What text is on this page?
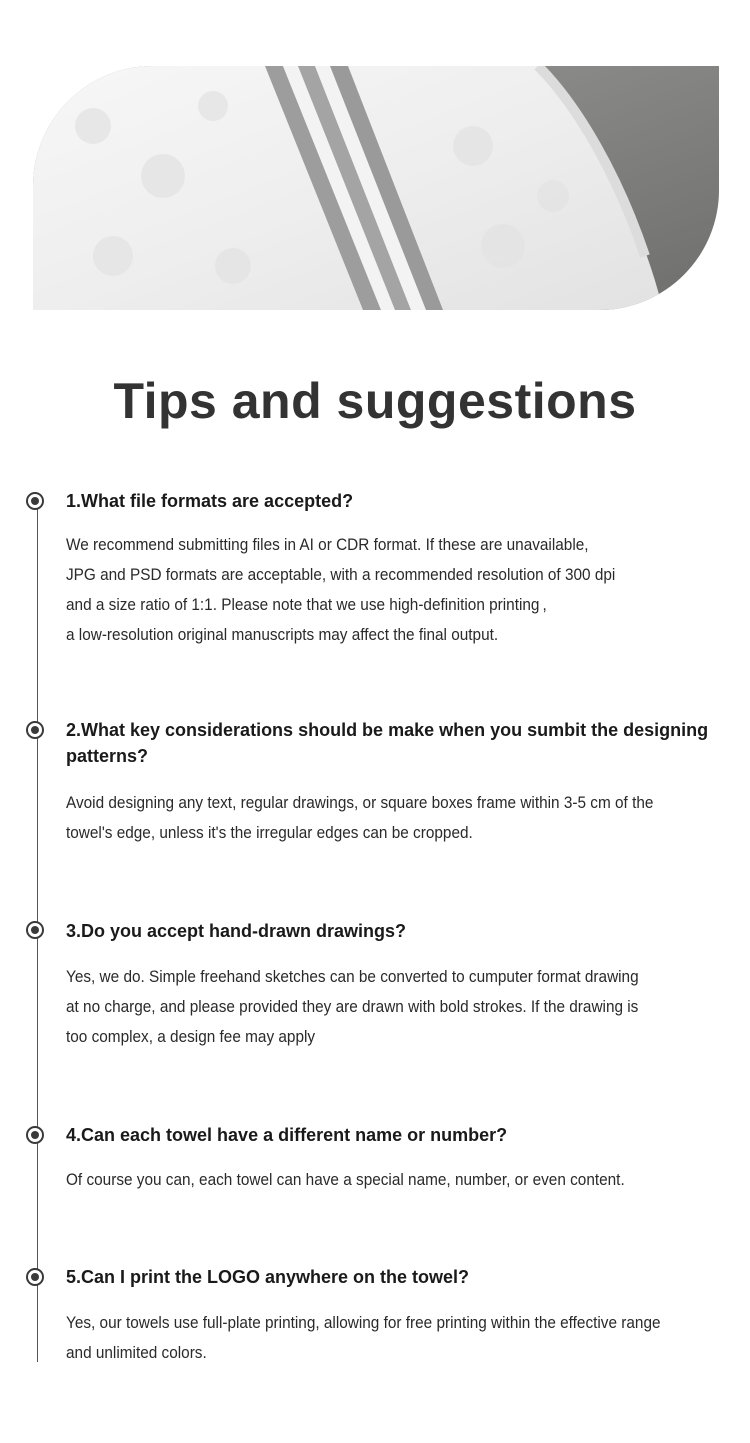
Tips and suggestions

1.What file formats are accepted?

We recommend submitting files in AI or CDR format. If these are unavailable,
JPG and PSD formats are acceptable, with a recommended resolution of 300 dpi
and a size ratio of 1:1. Please note that we use high-definition printing ,
a low-resolution original manuscripts may affect the final output.

2.What key considerations should be make when you sumbit the designing patterns?

Avoid designing any text, regular drawings, or square boxes frame within 3-5 cm of the
towel's edge, unless it's the irregular edges can be cropped.

3.Do you accept hand-drawn drawings?

Yes, we do. Simple freehand sketches can be converted to cumputer format drawing
at no charge, and please provided they are drawn with bold strokes. If the drawing is
too complex, a design fee may apply

4.Can each towel have a different name or number?

Of course you can, each towel can have a special name, number, or even content.

5.Can I print the LOGO anywhere on the towel?

Yes, our towels use full-plate printing, allowing for free printing within the effective range
and unlimited colors.
